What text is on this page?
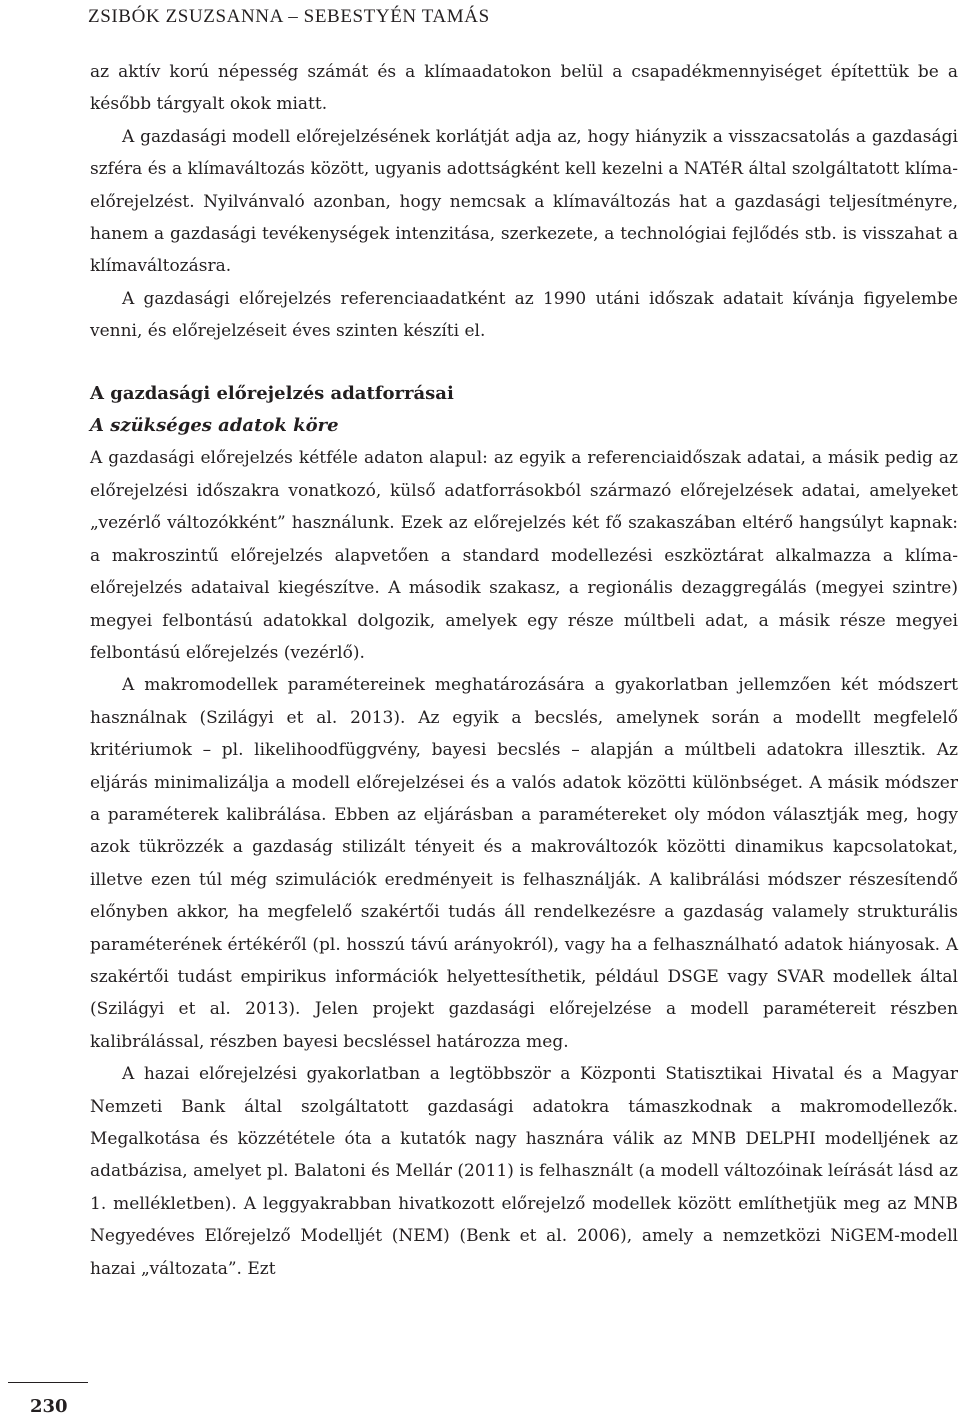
ZSIBÓK ZSUZSANNA – SEBESTYÉN TAMÁS

az aktív korú népesség számát és a klímaadatokon belül a csapadékmennyiséget építettük be a később tárgyalt okok miatt.

A gazdasági modell előrejelzésének korlátját adja az, hogy hiányzik a visszacsatolás a gazdasági szféra és a klímaváltozás között, ugyanis adottságként kell kezelni a NATéR által szolgáltatott klíma-előrejelzést. Nyilvánvaló azonban, hogy nemcsak a klímaváltozás hat a gazdasági teljesítményre, hanem a gazdasági tevékenységek intenzitása, szerkezete, a technológiai fejlődés stb. is visszahat a klímaváltozásra.

A gazdasági előrejelzés referenciaadatként az 1990 utáni időszak adatait kívánja figyelembe venni, és előrejelzéseit éves szinten készíti el.

A gazdasági előrejelzés adatforrásai
A szükséges adatok köre

A gazdasági előrejelzés kétféle adaton alapul: az egyik a referenciaidőszak adatai, a másik pedig az előrejelzési időszakra vonatkozó, külső adatforrásokból származó előrejelzések adatai, amelyeket „vezérlő változókként” használunk. Ezek az előrejelzés két fő szakaszában eltérő hangsúlyt kapnak: a makroszintű előrejelzés alapvetően a standard modellezési eszköztárat alkalmazza a klíma-előrejelzés adataival kiegészítve. A második szakasz, a regionális dezaggregálás (megyei szintre) megyei felbontású adatokkal dolgozik, amelyek egy része múltbeli adat, a másik része megyei felbontású előrejelzés (vezérlő).

A makromodellek paramétereinek meghatározására a gyakorlatban jellemzően két módszert használnak (Szilágyi et al. 2013). Az egyik a becslés, amelynek során a modellt megfelelő kritériumok – pl. likelihoodfüggvény, bayesi becslés – alapján a múltbeli adatokra illesztik. Az eljárás minimalizálja a modell előrejelzései és a valós adatok közötti különbséget. A másik módszer a paraméterek kalibrálása. Ebben az eljárásban a paramétereket oly módon választják meg, hogy azok tükrözzék a gazdaság stilizált tényeit és a makrováltozók közötti dinamikus kapcsolatokat, illetve ezen túl még szimulációk eredményeit is felhasználják. A kalibrálási módszer részesítendő előnyben akkor, ha megfelelő szakértői tudás áll rendelkezésre a gazdaság valamely strukturális paraméterének értékéről (pl. hosszú távú arányokról), vagy ha a felhasználható adatok hiányosak. A szakértői tudást empirikus információk helyettesíthetik, például DSGE vagy SVAR modellek által (Szilágyi et al. 2013). Jelen projekt gazdasági előrejelzése a modell paramétereit részben kalibrálással, részben bayesi becsléssel határozza meg.

A hazai előrejelzési gyakorlatban a legtöbbször a Központi Statisztikai Hivatal és a Magyar Nemzeti Bank által szolgáltatott gazdasági adatokra támaszkodnak a makromodellezők. Megalkotása és közzététele óta a kutatók nagy hasznára válik az MNB DELPHI modelljének az adatbázisa, amelyet pl. Balatoni és Mellár (2011) is felhasznált (a modell változóinak leírását lásd az 1. mellékletben). A leggyakrabban hivatkozott előrejelző modellek között említhetjük meg az MNB Negyedéves Előrejelző Modelljét (NEM) (Benk et al. 2006), amely a nemzetközi NiGEM-modell hazai „változata”. Ezt

230
